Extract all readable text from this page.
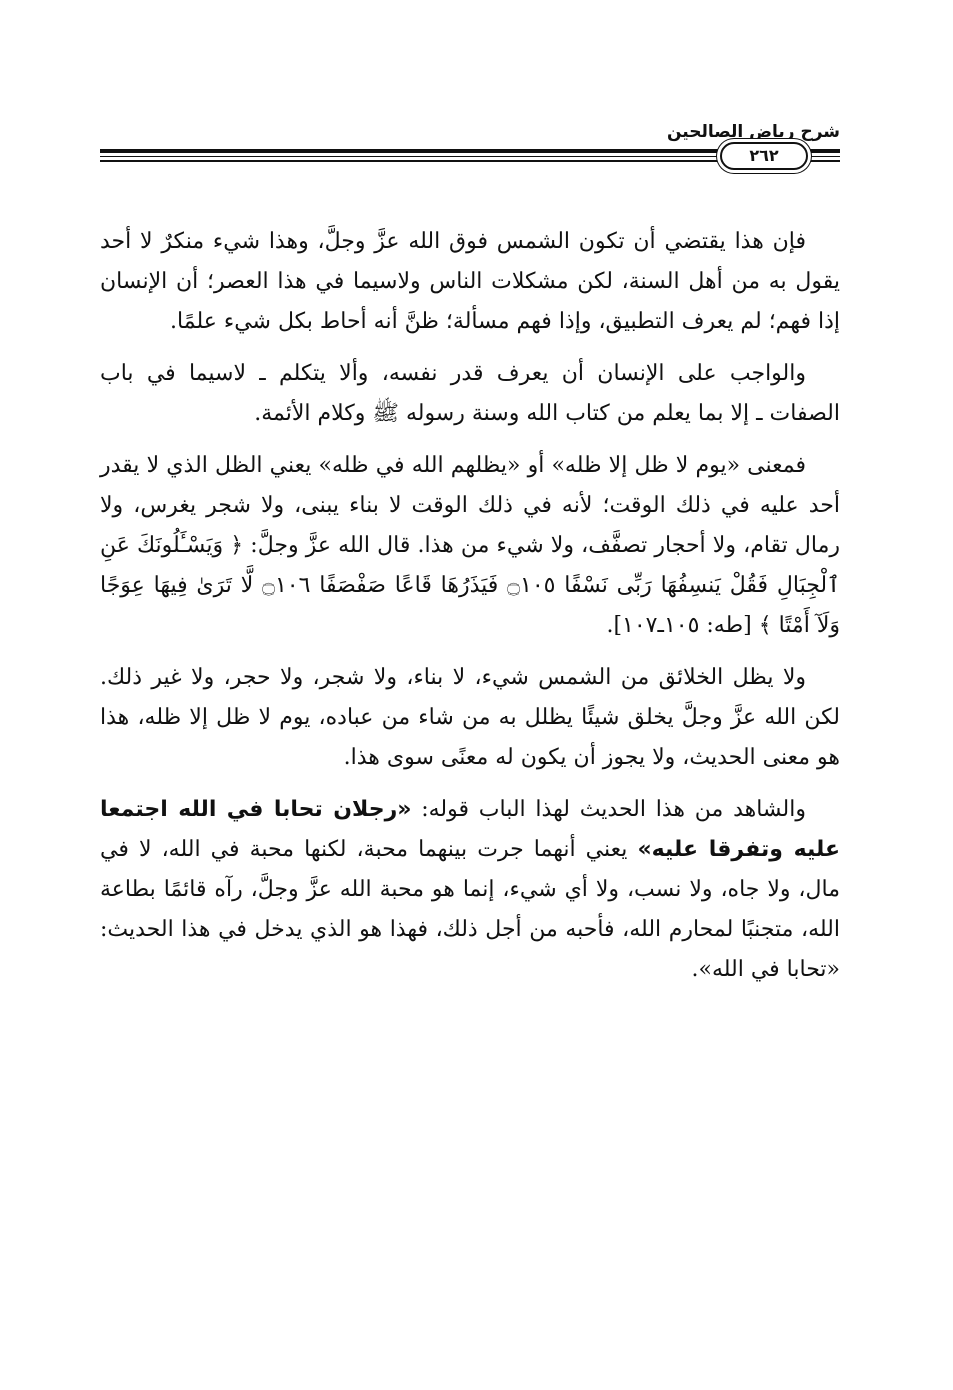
شرح رياض الصالحين
٢٦٢

فإن هذا يقتضي أن تكون الشمس فوق الله عزَّ وجلَّ، وهذا شيء منكرٌ لا أحد يقول به من أهل السنة، لكن مشكلات الناس ولاسيما في هذا العصر؛ أن الإنسان إذا فهم؛ لم يعرف التطبيق، وإذا فهم مسألة؛ ظنَّ أنه أحاط بكل شيء علمًا.

والواجب على الإنسان أن يعرف قدر نفسه، وألا يتكلم ـ لاسيما في باب الصفات ـ إلا بما يعلم من كتاب الله وسنة رسوله ﷺ وكلام الأئمة.

فمعنى «يوم لا ظل إلا ظله» أو «يظلهم الله في ظله» يعني الظل الذي لا يقدر أحد عليه في ذلك الوقت؛ لأنه في ذلك الوقت لا بناء يبنى، ولا شجر يغرس، ولا رمال تقام، ولا أحجار تصفَّف، ولا شيء من هذا. قال الله عزَّ وجلَّ: ﴿ وَيَسْـَٔلُونَكَ عَنِ ٱلْجِبَالِ فَقُلْ يَنسِفُهَا رَبِّى نَسْفًا ۝١٠٥ فَيَذَرُهَا قَاعًا صَفْصَفًا ۝١٠٦ لَّا تَرَىٰ فِيهَا عِوَجًا وَلَآ أَمْتًا ﴾ [طه: ١٠٥ـ١٠٧].

ولا يظل الخلائق من الشمس شيء، لا بناء، ولا شجر، ولا حجر، ولا غير ذلك. لكن الله عزَّ وجلَّ يخلق شيئًا يظلل به من شاء من عباده، يوم لا ظل إلا ظله، هذا هو معنى الحديث، ولا يجوز أن يكون له معنًى سوى هذا.

والشاهد من هذا الحديث لهذا الباب قوله: «رجلان تحابا في الله اجتمعا عليه وتفرقا عليه» يعني أنهما جرت بينهما محبة، لكنها محبة في الله، لا في مال، ولا جاه، ولا نسب، ولا أي شيء، إنما هو محبة الله عزَّ وجلَّ، رآه قائمًا بطاعة الله، متجنبًا لمحارم الله، فأحبه من أجل ذلك، فهذا هو الذي يدخل في هذا الحديث: «تحابا في الله».
